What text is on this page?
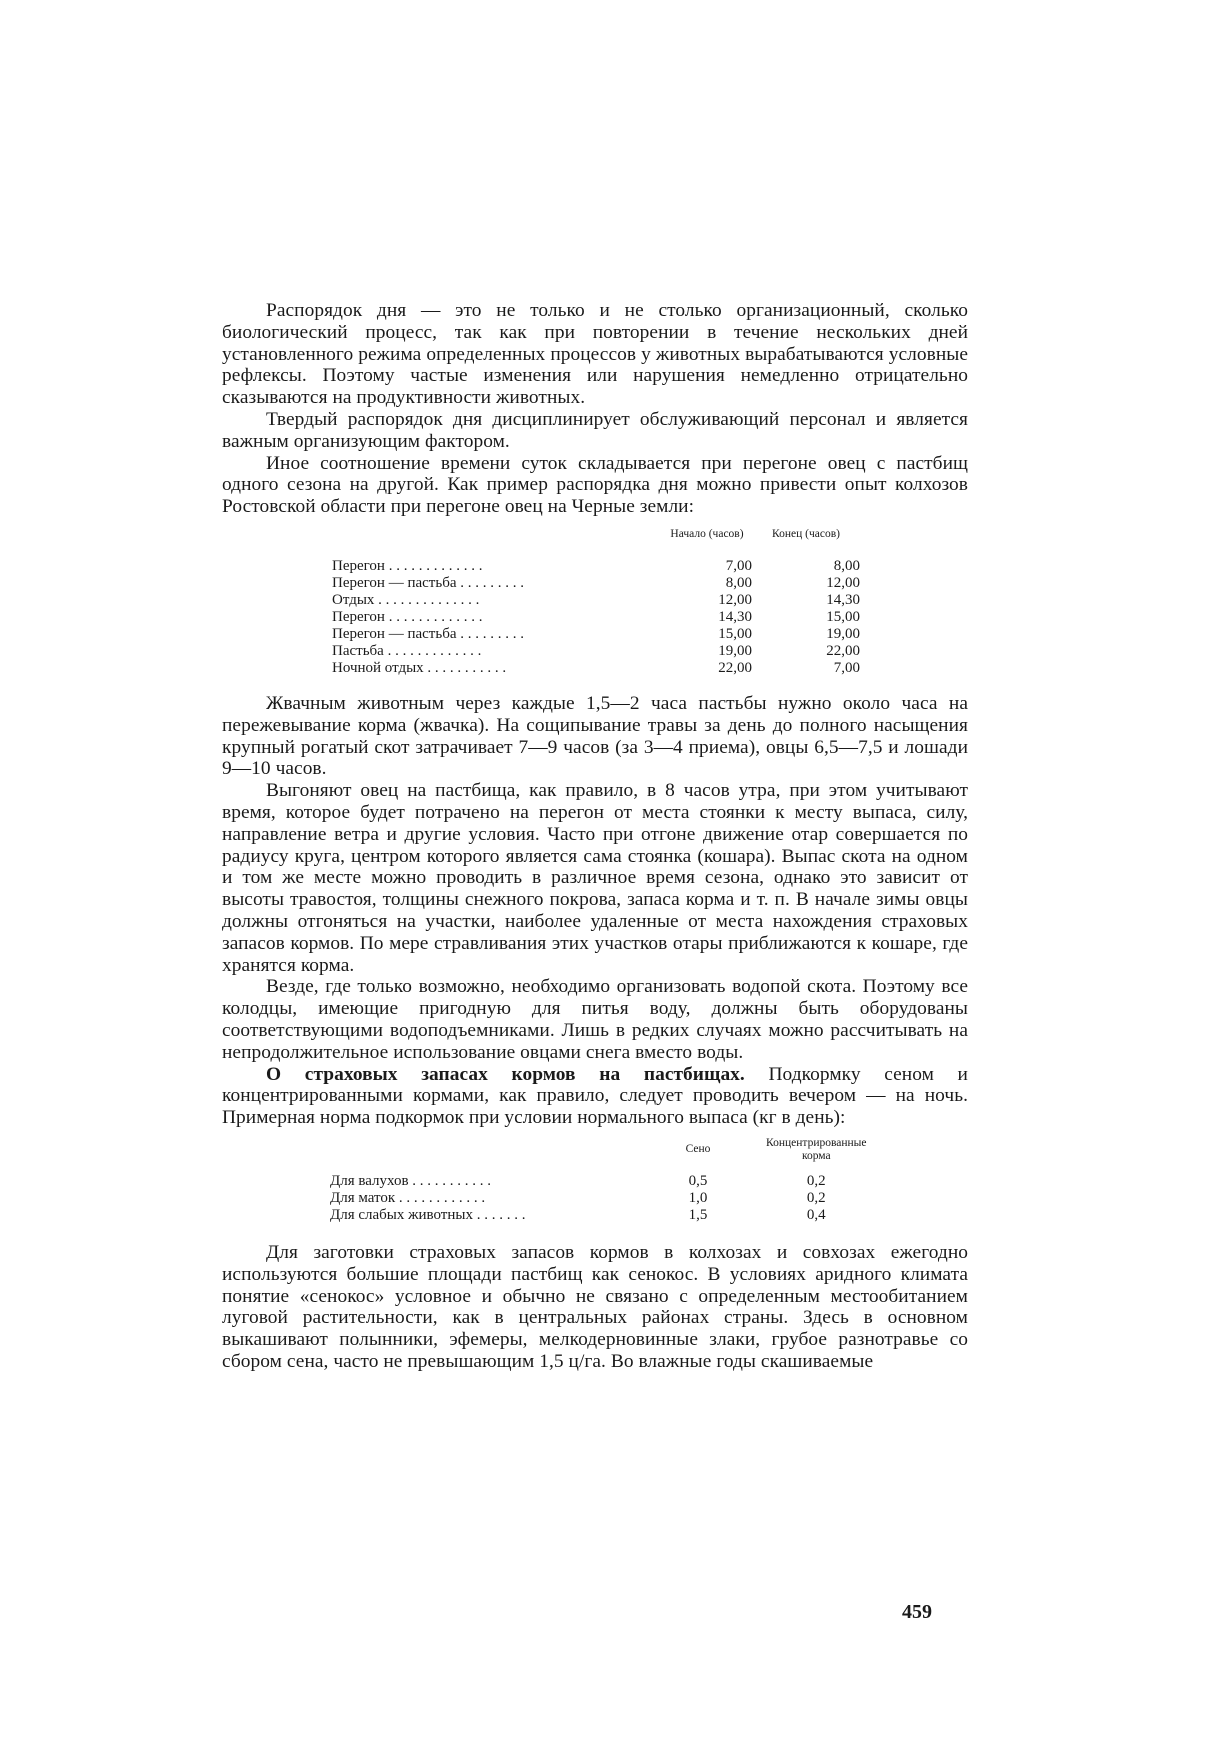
Распорядок дня — это не только и не столько организационный, сколько биологический процесс, так как при повторении в течение нескольких дней установленного режима определенных процессов у животных вырабатываются условные рефлексы. Поэтому частые изменения или нарушения немедленно отрицательно сказываются на продуктивности животных.

Твердый распорядок дня дисциплинирует обслуживающий персонал и является важным организующим фактором.

Иное соотношение времени суток складывается при перегоне овец с пастбищ одного сезона на другой. Как пример распорядка дня можно привести опыт колхозов Ростовской области при перегоне овец на Черные земли:

	Начало (часов)	Конец (часов)

Перегон . . . . . . . . . . . . .	7,00	8,00
Перегон — пастьба . . . . . . . . .	8,00	12,00
Отдых . . . . . . . . . . . . . .	12,00	14,30
Перегон . . . . . . . . . . . . .	14,30	15,00
Перегон — пастьба . . . . . . . . .	15,00	19,00
Пастьба . . . . . . . . . . . . .	19,00	22,00
Ночной отдых . . . . . . . . . . .	22,00	7,00

Жвачным животным через каждые 1,5—2 часа пастьбы нужно около часа на пережевывание корма (жвачка). На сощипывание травы за день до полного насыщения крупный рогатый скот затрачивает 7—9 часов (за 3—4 приема), овцы 6,5—7,5 и лошади 9—10 часов.

Выгоняют овец на пастбища, как правило, в 8 часов утра, при этом учитывают время, которое будет потрачено на перегон от места стоянки к месту выпаса, силу, направление ветра и другие условия. Часто при отгоне движение отар совершается по радиусу круга, центром которого является сама стоянка (кошара). Выпас скота на одном и том же месте можно проводить в различное время сезона, однако это зависит от высоты травостоя, толщины снежного покрова, запаса корма и т. п. В начале зимы овцы должны отгоняться на участки, наиболее удаленные от места нахождения страховых запасов кормов. По мере стравливания этих участков отары приближаются к кошаре, где хранятся корма.

Везде, где только возможно, необходимо организовать водопой скота. Поэтому все колодцы, имеющие пригодную для питья воду, должны быть оборудованы соответствующими водоподъемниками. Лишь в редких случаях можно рассчитывать на непродолжительное использование овцами снега вместо воды.

О страховых запасах кормов на пастбищах. Подкормку сеном и концентрированными кормами, как правило, следует проводить вечером — на ночь. Примерная норма подкормок при условии нормального выпаса (кг в день):

	Сено	Концентрированные корма

Для валухов . . . . . . . . . . .	0,5	0,2
Для маток . . . . . . . . . . . .	1,0	0,2
Для слабых животных . . . . . . .	1,5	0,4

Для заготовки страховых запасов кормов в колхозах и совхозах ежегодно используются большие площади пастбищ как сенокос. В условиях аридного климата понятие «сенокос» условное и обычно не связано с определенным местообитанием луговой растительности, как в центральных районах страны. Здесь в основном выкашивают полынники, эфемеры, мелкодерновинные злаки, грубое разнотравье со сбором сена, часто не превышающим 1,5 ц/га. Во влажные годы скашиваемые

459
